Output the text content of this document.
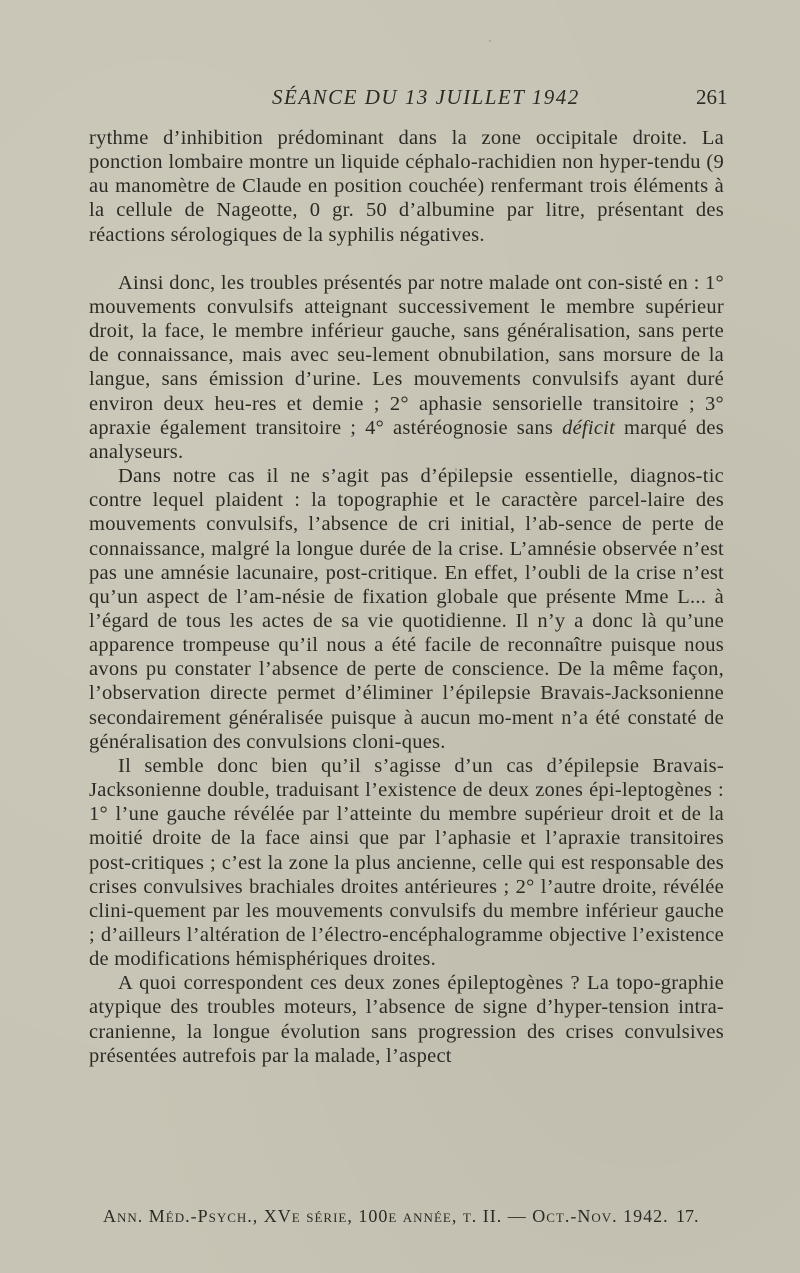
SÉANCE DU 13 JUILLET 1942	261

rythme d’inhibition prédominant dans la zone occipitale droite. La ponction lombaire montre un liquide céphalo-rachidien non hyper-tendu (9 au manomètre de Claude en position couchée) renfermant trois éléments à la cellule de Nageotte, 0 gr. 50 d’albumine par litre, présentant des réactions sérologiques de la syphilis négatives.

Ainsi donc, les troubles présentés par notre malade ont con-sisté en : 1° mouvements convulsifs atteignant successivement le membre supérieur droit, la face, le membre inférieur gauche, sans généralisation, sans perte de connaissance, mais avec seu-lement obnubilation, sans morsure de la langue, sans émission d’urine. Les mouvements convulsifs ayant duré environ deux heu-res et demie ; 2° aphasie sensorielle transitoire ; 3° apraxie également transitoire ; 4° astéréognosie sans déficit marqué des analyseurs.

Dans notre cas il ne s’agit pas d’épilepsie essentielle, diagnos-tic contre lequel plaident : la topographie et le caractère parcel-laire des mouvements convulsifs, l’absence de cri initial, l’ab-sence de perte de connaissance, malgré la longue durée de la crise. L’amnésie observée n’est pas une amnésie lacunaire, post-critique. En effet, l’oubli de la crise n’est qu’un aspect de l’am-nésie de fixation globale que présente Mme L... à l’égard de tous les actes de sa vie quotidienne. Il n’y a donc là qu’une apparence trompeuse qu’il nous a été facile de reconnaître puisque nous avons pu constater l’absence de perte de conscience. De la même façon, l’observation directe permet d’éliminer l’épilepsie Bravais-Jacksonienne secondairement généralisée puisque à aucun mo-ment n’a été constaté de généralisation des convulsions cloni-ques.

Il semble donc bien qu’il s’agisse d’un cas d’épilepsie Bravais-Jacksonienne double, traduisant l’existence de deux zones épi-leptogènes : 1° l’une gauche révélée par l’atteinte du membre supérieur droit et de la moitié droite de la face ainsi que par l’aphasie et l’apraxie transitoires post-critiques ; c’est la zone la plus ancienne, celle qui est responsable des crises convulsives brachiales droites antérieures ; 2° l’autre droite, révélée clini-quement par les mouvements convulsifs du membre inférieur gauche ; d’ailleurs l’altération de l’électro-encéphalogramme objective l’existence de modifications hémisphériques droites.

A quoi correspondent ces deux zones épileptogènes ? La topo-graphie atypique des troubles moteurs, l’absence de signe d’hyper-tension intra-cranienne, la longue évolution sans progression des crises convulsives présentées autrefois par la malade, l’aspect

Ann. Méd.-Psych., XVe série, 100e année, t. II. — Oct.-Nov. 1942. 17.
